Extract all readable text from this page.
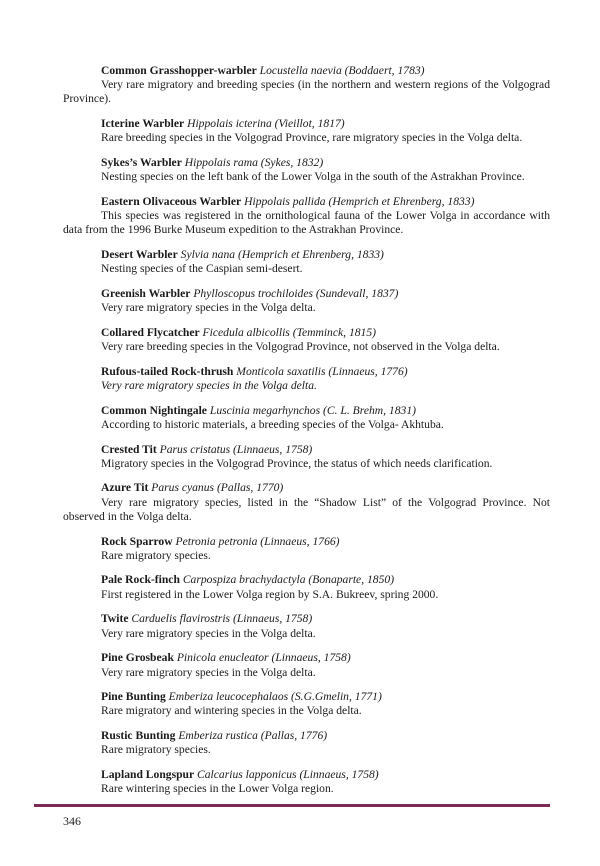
Common Grasshopper-warbler Locustella naevia (Boddaert, 1783)
Very rare migratory and breeding species (in the northern and western regions of the Volgograd Province).
Icterine Warbler Hippolais icterina (Vieillot, 1817)
Rare breeding species in the Volgograd Province, rare migratory species in the Volga delta.
Sykes’s Warbler Hippolais rama (Sykes, 1832)
Nesting species on the left bank of the Lower Volga in the south of the Astrakhan Province.
Eastern Olivaceous Warbler Hippolais pallida (Hemprich et Ehrenberg, 1833)
This species was registered in the ornithological fauna of the Lower Volga in accordance with data from the 1996 Burke Museum expedition to the Astrakhan Province.
Desert Warbler Sylvia nana (Hemprich et Ehrenberg, 1833)
Nesting species of the Caspian semi-desert.
Greenish Warbler Phylloscopus trochiloides (Sundevall, 1837)
Very rare migratory species in the Volga delta.
Collared Flycatcher Ficedula albicollis (Temminck, 1815)
Very rare breeding species in the Volgograd Province, not observed in the Volga delta.
Rufous-tailed Rock-thrush Monticola saxatilis (Linnaeus, 1776)
Very rare migratory species in the Volga delta.
Common Nightingale Luscinia megarhynchos (C. L. Brehm, 1831)
According to historic materials, a breeding species of the Volga- Akhtuba.
Crested Tit Parus cristatus (Linnaeus, 1758)
Migratory species in the Volgograd Province, the status of which needs clarification.
Azure Tit Parus cyanus (Pallas, 1770)
Very rare migratory species, listed in the “Shadow List” of the Volgograd Province. Not observed in the Volga delta.
Rock Sparrow Petronia petronia (Linnaeus, 1766)
Rare migratory species.
Pale Rock-finch Carpospiza brachydactyla (Bonaparte, 1850)
First registered in the Lower Volga region by S.A. Bukreev, spring 2000.
Twite Carduelis flavirostris (Linnaeus, 1758)
Very rare migratory species in the Volga delta.
Pine Grosbeak Pinicola enucleator (Linnaeus, 1758)
Very rare migratory species in the Volga delta.
Pine Bunting Emberiza leucocephalaos (S.G.Gmelin, 1771)
Rare migratory and wintering species in the Volga delta.
Rustic Bunting Emberiza rustica (Pallas, 1776)
Rare migratory species.
Lapland Longspur Calcarius lapponicus (Linnaeus, 1758)
Rare wintering species in the Lower Volga region.
346
